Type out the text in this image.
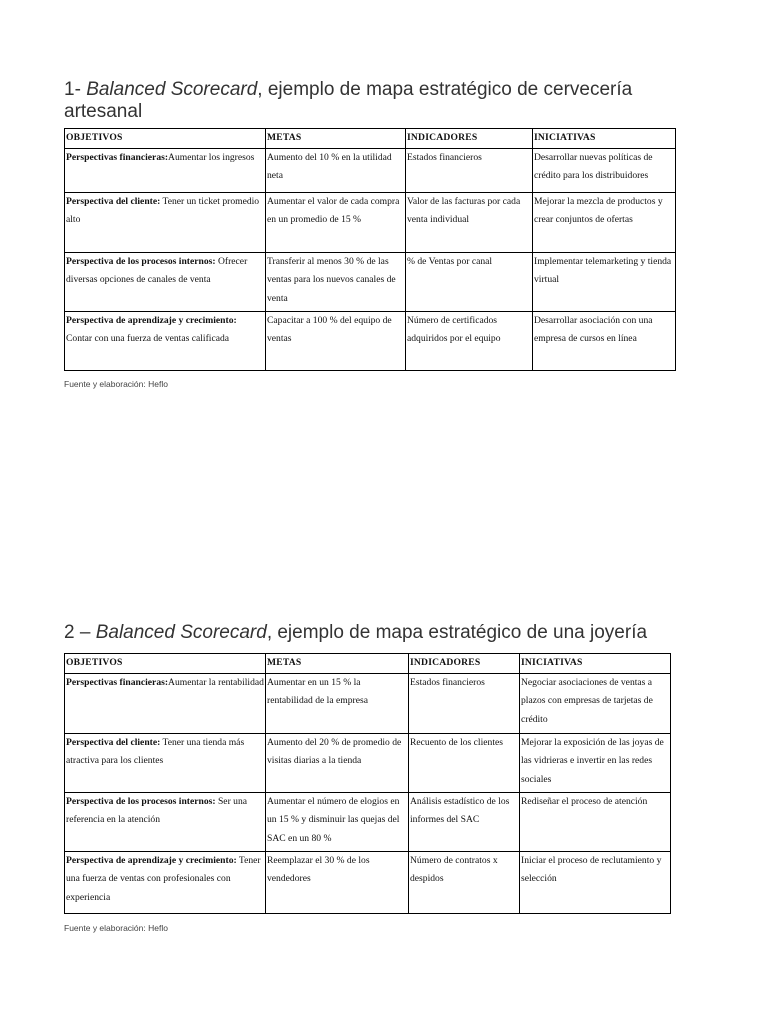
1- Balanced Scorecard, ejemplo de mapa estratégico de cervecería artesanal
OBJETIVOS	METAS	INDICADORES	INICIATIVAS
Perspectivas financieras:Aumentar los ingresos	Aumento del 10 % en la utilidad neta	Estados financieros	Desarrollar nuevas políticas de crédito para los distribuidores
Perspectiva del cliente: Tener un ticket promedio alto	Aumentar el valor de cada compra en un promedio de 15 %	Valor de las facturas por cada venta individual	Mejorar la mezcla de productos y crear conjuntos de ofertas
Perspectiva de los procesos internos: Ofrecer diversas opciones de canales de venta	Transferir al menos 30 % de las ventas para los nuevos canales de venta	% de Ventas por canal	Implementar telemarketing y tienda virtual
Perspectiva de aprendizaje y crecimiento: Contar con una fuerza de ventas calificada	Capacitar a 100 % del equipo de ventas	Número de certificados adquiridos por el equipo	Desarrollar asociación con una empresa de cursos en línea
Fuente y elaboración: Heflo
2 – Balanced Scorecard, ejemplo de mapa estratégico de una joyería
OBJETIVOS	METAS	INDICADORES	INICIATIVAS
Perspectivas financieras:Aumentar la rentabilidad	Aumentar en un 15 % la rentabilidad de la empresa	Estados financieros	Negociar asociaciones de ventas a plazos con empresas de tarjetas de crédito
Perspectiva del cliente: Tener una tienda más atractiva para los clientes	Aumento del 20 % de promedio de visitas diarias a la tienda	Recuento de los clientes	Mejorar la exposición de las joyas de las vidrieras e invertir en las redes sociales
Perspectiva de los procesos internos: Ser una referencia en la atención	Aumentar el número de elogios en un 15 % y disminuir las quejas del SAC en un 80 %	Análisis estadístico de los informes del SAC	Rediseñar el proceso de atención
Perspectiva de aprendizaje y crecimiento: Tener una fuerza de ventas con profesionales con experiencia	Reemplazar el 30 % de los vendedores	Número de contratos x despidos	Iniciar el proceso de reclutamiento y selección
Fuente y elaboración: Heflo
